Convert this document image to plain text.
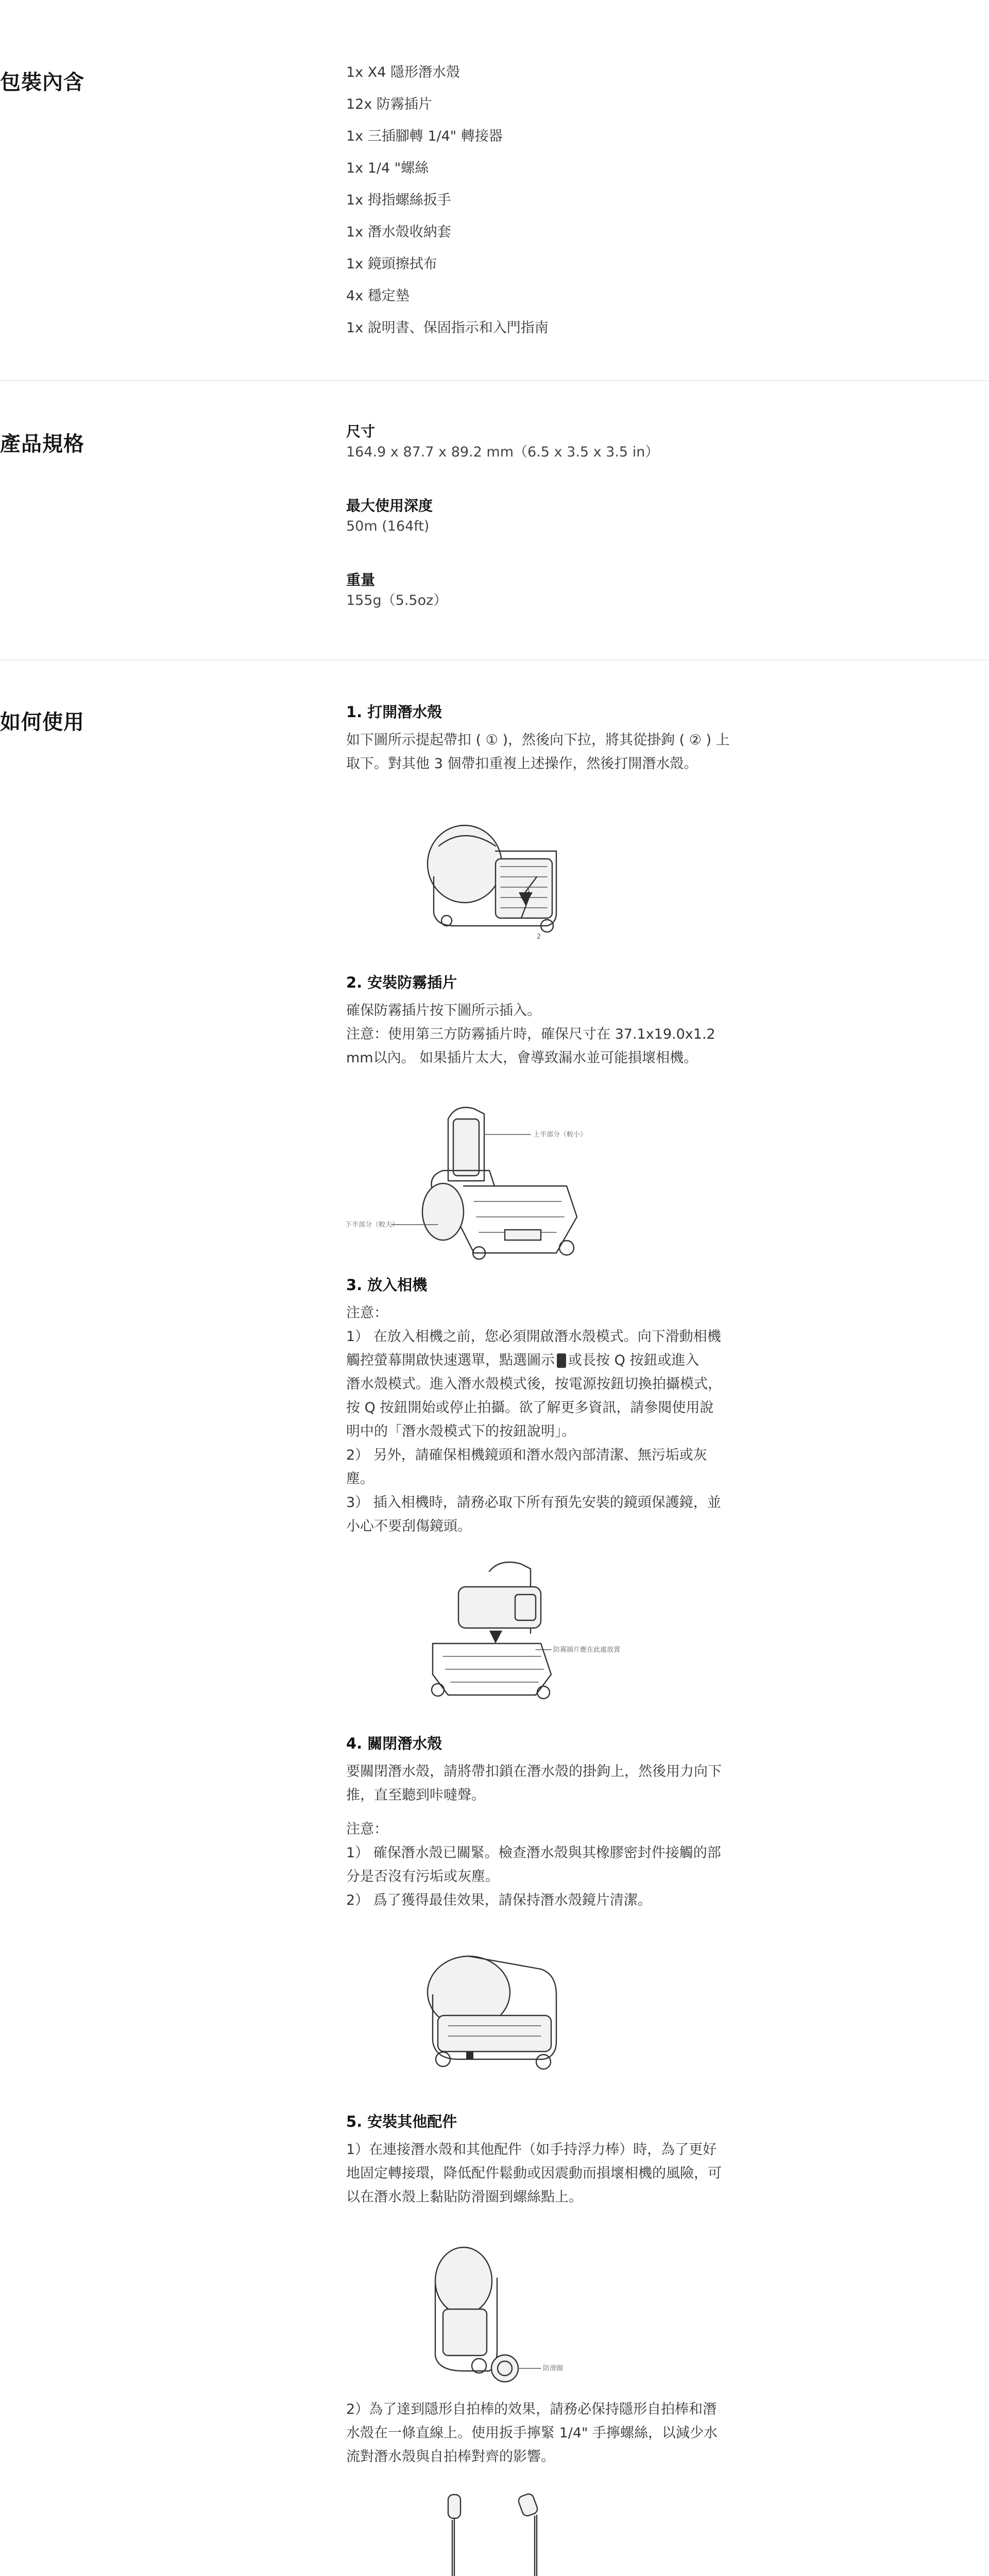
包裝內含	1x X4 隱形潛水殼
12x 防霧插片
1x 三插腳轉 1/4" 轉接器
1x 1/4 "螺絲
1x 拇指螺絲扳手
1x 潛水殼收納套
1x 鏡頭擦拭布
4x 穩定墊
1x 說明書、保固指示和入門指南
產品規格
尺寸
164.9 x 87.7 x 89.2 mm（6.5 x 3.5 x 3.5 in）
最大使用深度
50m (164ft)
重量
155g（5.5oz）
如何使用	1. 打開潛水殼
如下圖所示提起帶扣 ( ① )，然後向下拉，將其從掛鉤 ( ② ) 上
取下。對其他 3 個帶扣重複上述操作，然後打開潛水殼。
1
2
2. 安裝防霧插片
確保防霧插片按下圖所示插入。
注意：使用第三方防霧插片時，確保尺寸在 37.1x19.0x1.2
mm以內。 如果插片太大，會導致漏水並可能損壞相機。
上半部分（較小）
下半部分（較大）
3. 放入相機
注意：
1） 在放入相機之前，您必須開啟潛水殼模式。向下滑動相機
觸控螢幕開啟快速選單，點選圖示 或長按 Q 按鈕或進入
潛水殼模式。進入潛水殼模式後，按電源按鈕切換拍攝模式，
按 Q 按鈕開始或停止拍攝。欲了解更多資訊，請參閱使用說
明中的「潛水殼模式下的按鈕說明」。
2） 另外，請確保相機鏡頭和潛水殼內部清潔、無污垢或灰
塵。
3） 插入相機時，請務必取下所有預先安裝的鏡頭保護鏡，並
小心不要刮傷鏡頭。
防霧插片應在此處放置
4. 關閉潛水殼
要關閉潛水殼，請將帶扣鎖在潛水殼的掛鉤上，然後用力向下
推，直至聽到咔噠聲。
注意：
1） 確保潛水殼已關緊。檢查潛水殼與其橡膠密封件接觸的部
分是否沒有污垢或灰塵。
2） 爲了獲得最佳效果，請保持潛水殼鏡片清潔。
5. 安裝其他配件
1）在連接潛水殼和其他配件（如手持浮力棒）時，為了更好
地固定轉接環，降低配件鬆動或因震動而損壞相機的風險，可
以在潛水殼上黏貼防滑圈到螺絲點上。
防滑圈
2）為了達到隱形自拍棒的效果，請務必保持隱形自拍棒和潛
水殼在一條直線上。使用扳手擰緊 1/4" 手擰螺絲，以減少水
流對潛水殼與自拍棒對齊的影響。
